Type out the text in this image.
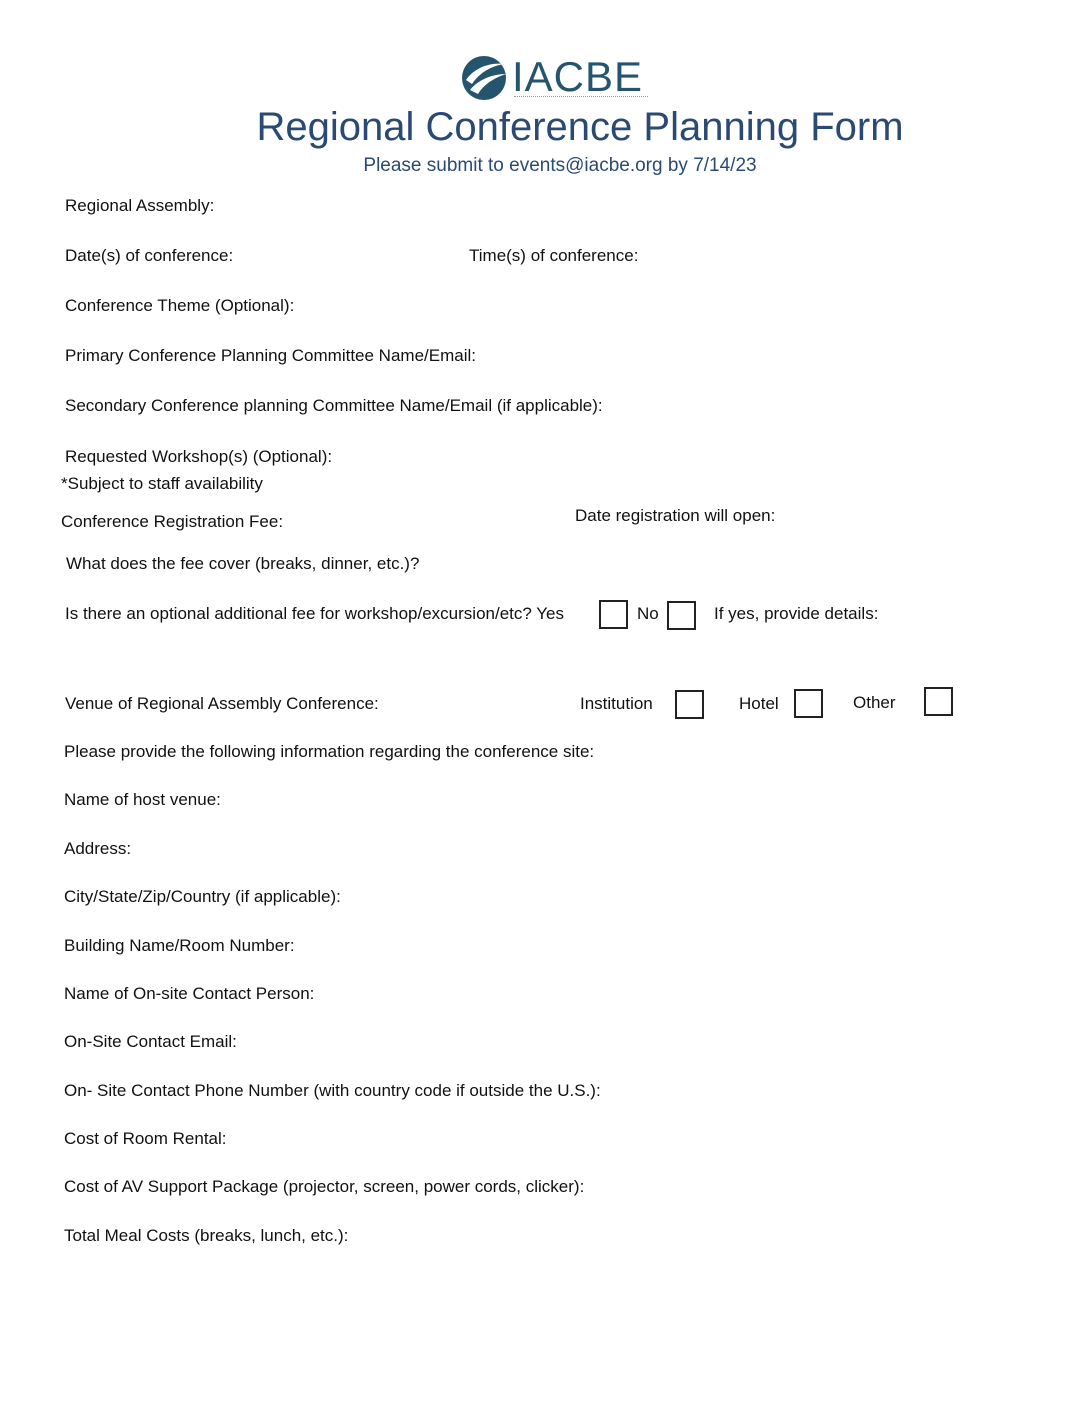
IACBE
Regional Conference Planning Form
Please submit to events@iacbe.org by 7/14/23
Regional Assembly:
Date(s) of conference:	Time(s) of conference:
Conference Theme (Optional):
Primary Conference Planning Committee Name/Email:
Secondary Conference planning Committee Name/Email (if applicable):
Requested Workshop(s) (Optional):
*Subject to staff availability
Conference Registration Fee:	Date registration will open:
What does the fee cover (breaks, dinner, etc.)?
Is there an optional additional fee for workshop/excursion/etc? Yes	No	If yes, provide details:
Venue of Regional Assembly Conference:	Institution	Hotel	Other
Please provide the following information regarding the conference site:
Name of host venue:
Address:
City/State/Zip/Country (if applicable):
Building Name/Room Number:
Name of On-site Contact Person:
On-Site Contact Email:
On- Site Contact Phone Number (with country code if outside the U.S.):
Cost of Room Rental:
Cost of AV Support Package (projector, screen, power cords, clicker):
Total Meal Costs (breaks, lunch, etc.):
